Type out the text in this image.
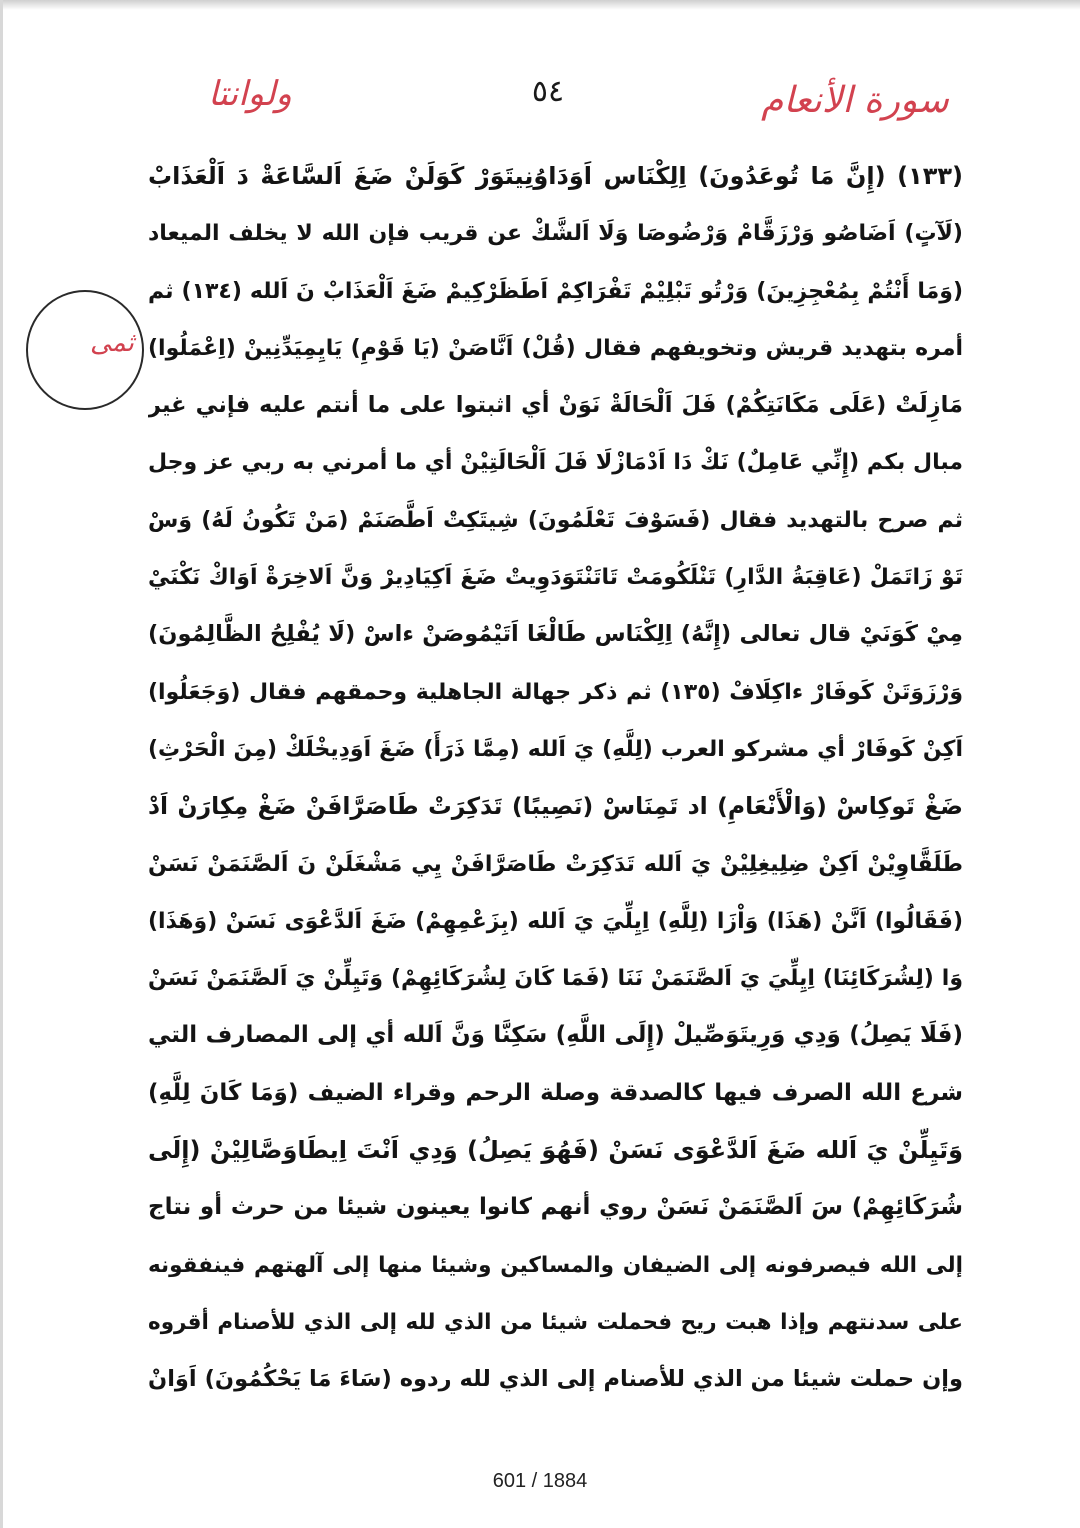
ولوانتا	٥٤	سورة الأنعام
(١٣٣) (إِنَّ مَا تُوعَدُونَ) اِلِكْنَاس اَوَدَاوُنِيتَوَرْ كَوَلَنْ ضَغَ اَلسَّاعَةْ دَ اَلْعَذَابْ
(لَآتٍ) اَضَاصُو وَرْزَقَّامْ وَرْضُوصَا وَلَا اَلشَّكْ عن قريب فإن الله لا يخلف الميعاد
(وَمَا أَنْتُمْ بِمُعْجِزِينَ) وَرْتُو تَبْلِيْمْ تَفْرَاكِمْ اَطَظَرْكِيمْ ضَغَ اَلْعَذَابْ نَ اَلله (١٣٤) ثم
أمره بتهديد قريش وتخويفهم فقال (قُلْ) اَنَّاصَنْ (يَا قَوْمِ) يَايِمِيَدِّنِينْ (اِعْمَلُوا)
مَازِلَتْ (عَلَى مَكَانَتِكُمْ) فَلَ اَلْحَالَةْ نَوَنْ أي اثبتوا على ما أنتم عليه فإني غير
مبال بكم (إِنِّي عَامِلٌ) نَكْ دَا اَدْمَازْلَا فَلَ اَلْحَالَتِيْنْ أي ما أمرني به ربي عز وجل
ثم صرح بالتهديد فقال (فَسَوْفَ تَعْلَمُونَ) شِيتَكِتْ اَطَّصَنَمْ (مَنْ تَكُونُ لَهُ) وَسْ
تَوْ زَاتَمَلْ (عَاقِبَةُ الدَّارِ) تَنْلَكُومَتْ تَاتَنْتَوَدَوِيتْ ضَغَ اَكِيَادِيرْ وَنَّ اَلاخِرَةْ اَوَاكْ نَكْنَيْ
مِيْ كَوَنَيْ قال تعالى (إِنَّهُ) اِلِكْنَاس طَالْغَا اَتَيْمُوصَنْ ءاسْ (لَا يُفْلِحُ الظَّالِمُونَ)
وَرْزَوَتَنْ كَوفَارْ ءاكِلَافْ (١٣٥) ثم ذكر جهالة الجاهلية وحمقهم فقال (وَجَعَلُوا)
اَكِنْ كَوفَارْ أي مشركو العرب (لِلَّهِ) يَ اَلله (مِمَّا ذَرَأَ) ضَغَ اَوَدِيخْلَكْ (مِنَ الْحَرْثِ)
ضَغْ تَوكِاسْ (وَالْأَنْعَامِ) اد تَمِنَاسْ (نَصِيبًا) تَدَكِرَتْ طَاصَرَّافَنْ ضَغْ مِكِارَنْ اَدْ
طَلَقَّاوِيْنْ اَكِنْ ضِلِيغِلِيْنْ يَ اَلله تَدَكِرَتْ طَاصَرَّافَنْ يِي مَشْغَلَنْ نَ اَلصَّنَمَنْ نَسَنْ
(فَقَالُوا) اَنَّنْ (هَذَا) وَاْزَا (لِلَّهِ) اِيِلِّيَ يَ اَلله (بِزَعْمِهِمْ) ضَغَ اَلدَّعْوَى نَسَنْ (وَهَذَا)
وَا (لِشُرَكَائِنَا) اِيِلِّيَ يَ اَلصَّنَمَنْ نَنَا (فَمَا كَانَ لِشُرَكَائِهِمْ) وَتَيِلِّنْ يَ اَلصَّنَمَنْ نَسَنْ
(فَلَا يَصِلُ) وَدِي وَرِيتَوَصِّيلْ (إِلَى اللَّهِ) سَكِنَّا وَنَّ اَلله أي إلى المصارف التي
شرع الله الصرف فيها كالصدقة وصلة الرحم وقراء الضيف (وَمَا كَانَ لِلَّهِ)
وَتَيِلِّنْ يَ اَلله ضَغَ اَلدَّعْوَى نَسَنْ (فَهُوَ يَصِلُ) وَدِي اَنْتَ اِيطَاوَصَّالِيْنْ (إِلَى
شُرَكَائِهِمْ) سَ اَلصَّنَمَنْ نَسَنْ روي أنهم كانوا يعينون شيئا من حرث أو نتاج
إلى الله فيصرفونه إلى الضيفان والمساكين وشيئا منها إلى آلهتهم فينفقونه
على سدنتهم وإذا هبت ريح فحملت شيئا من الذي لله إلى الذي للأصنام أقروه
وإن حملت شيئا من الذي للأصنام إلى الذي لله ردوه (سَاءَ مَا يَحْكُمُونَ) اَوَانْ
ثمى
601 / 1884
